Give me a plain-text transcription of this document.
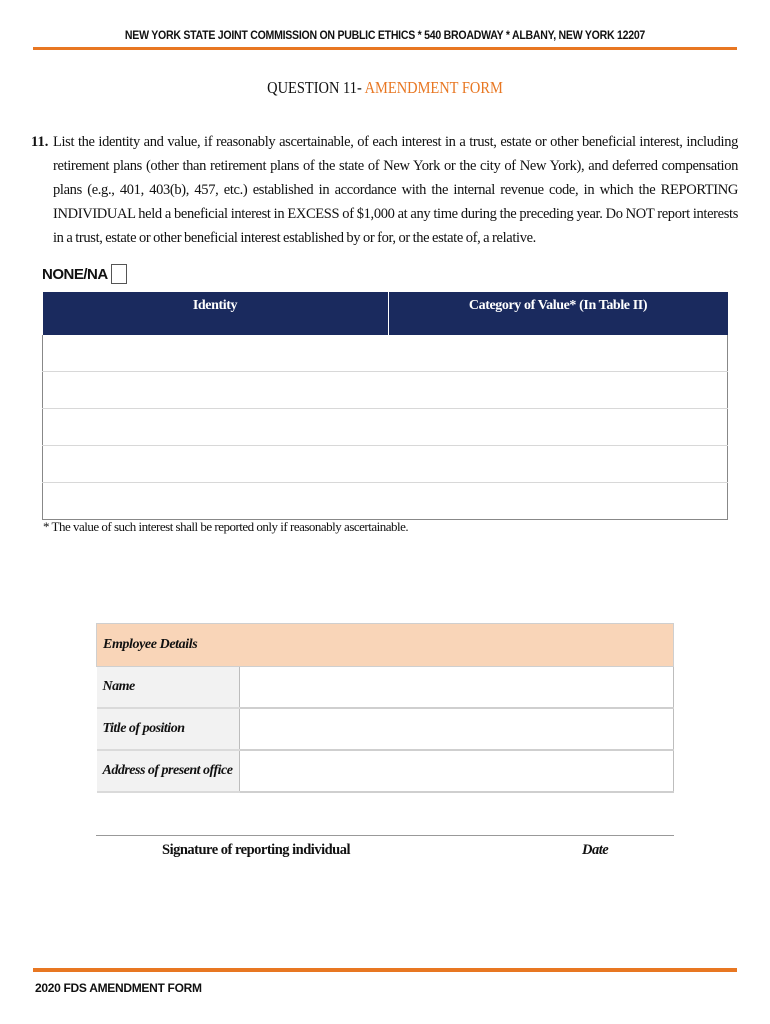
NEW YORK STATE JOINT COMMISSION ON PUBLIC ETHICS * 540 BROADWAY * ALBANY, NEW YORK 12207
QUESTION 11- AMENDMENT FORM
11. List the identity and value, if reasonably ascertainable, of each interest in a trust, estate or other beneficial interest, including retirement plans (other than retirement plans of the state of New York or the city of New York), and deferred compensation plans (e.g., 401, 403(b), 457, etc.) established in accordance with the internal revenue code, in which the REPORTING INDIVIDUAL held a beneficial interest in EXCESS of $1,000 at any time during the preceding year. Do NOT report interests in a trust, estate or other beneficial interest established by or for, or the estate of, a relative.
NONE/NA
Identity	Category of Value* (In Table II)

* The value of such interest shall be reported only if reasonably ascertainable.
Employee Details	
Name	
Title of position	
Address of present office	
Signature of reporting individual	Date
2020 FDS AMENDMENT FORM
